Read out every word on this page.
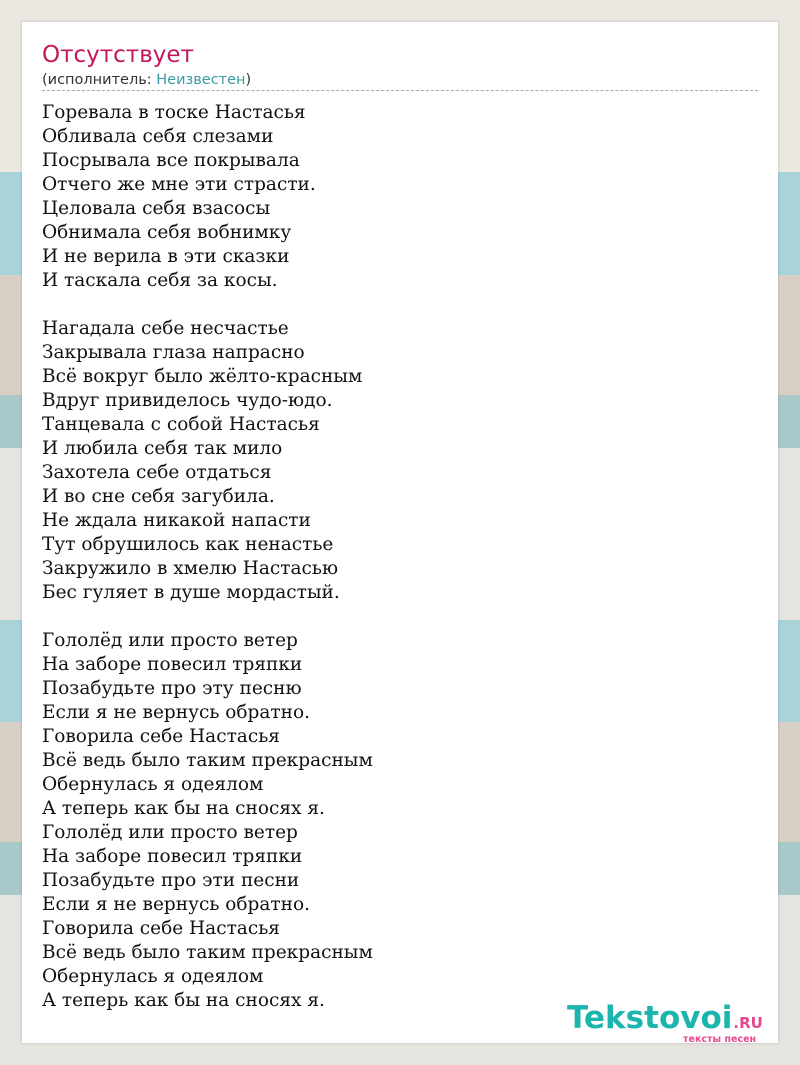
Отсутствует
(исполнитель: Неизвестен)
Горевала в тоске Настасья
Обливала себя слезами
Посрывала все покрывала
Отчего же мне эти страсти.
Целовала себя взасосы
Обнимала себя вобнимку
И не верила в эти сказки
И таскала себя за косы.
Нагадала себе несчастье
Закрывала глаза напрасно
Всё вокруг было жёлто-красным
Вдруг привиделось чудо-юдо.
Танцевала с собой Настасья
И любила себя так мило
Захотела себе отдаться
И во сне себя загубила.
Не ждала никакой напасти
Тут обрушилось как ненастье
Закружило в хмелю Настасью
Бес гуляет в душе мордастый.
Гололёд или просто ветер
На заборе повесил тряпки
Позабудьте про эту песню
Если я не вернусь обратно.
Говорила себе Настасья
Всё ведь было таким прекрасным
Обернулась я одеялом
А теперь как бы на сносях я.
Гололёд или просто ветер
На заборе повесил тряпки
Позабудьте про эти песни
Если я не вернусь обратно.
Говорила себе Настасья
Всё ведь было таким прекрасным
Обернулась я одеялом
А теперь как бы на сносях я.	Tekstovoi.RU
тексты песен
